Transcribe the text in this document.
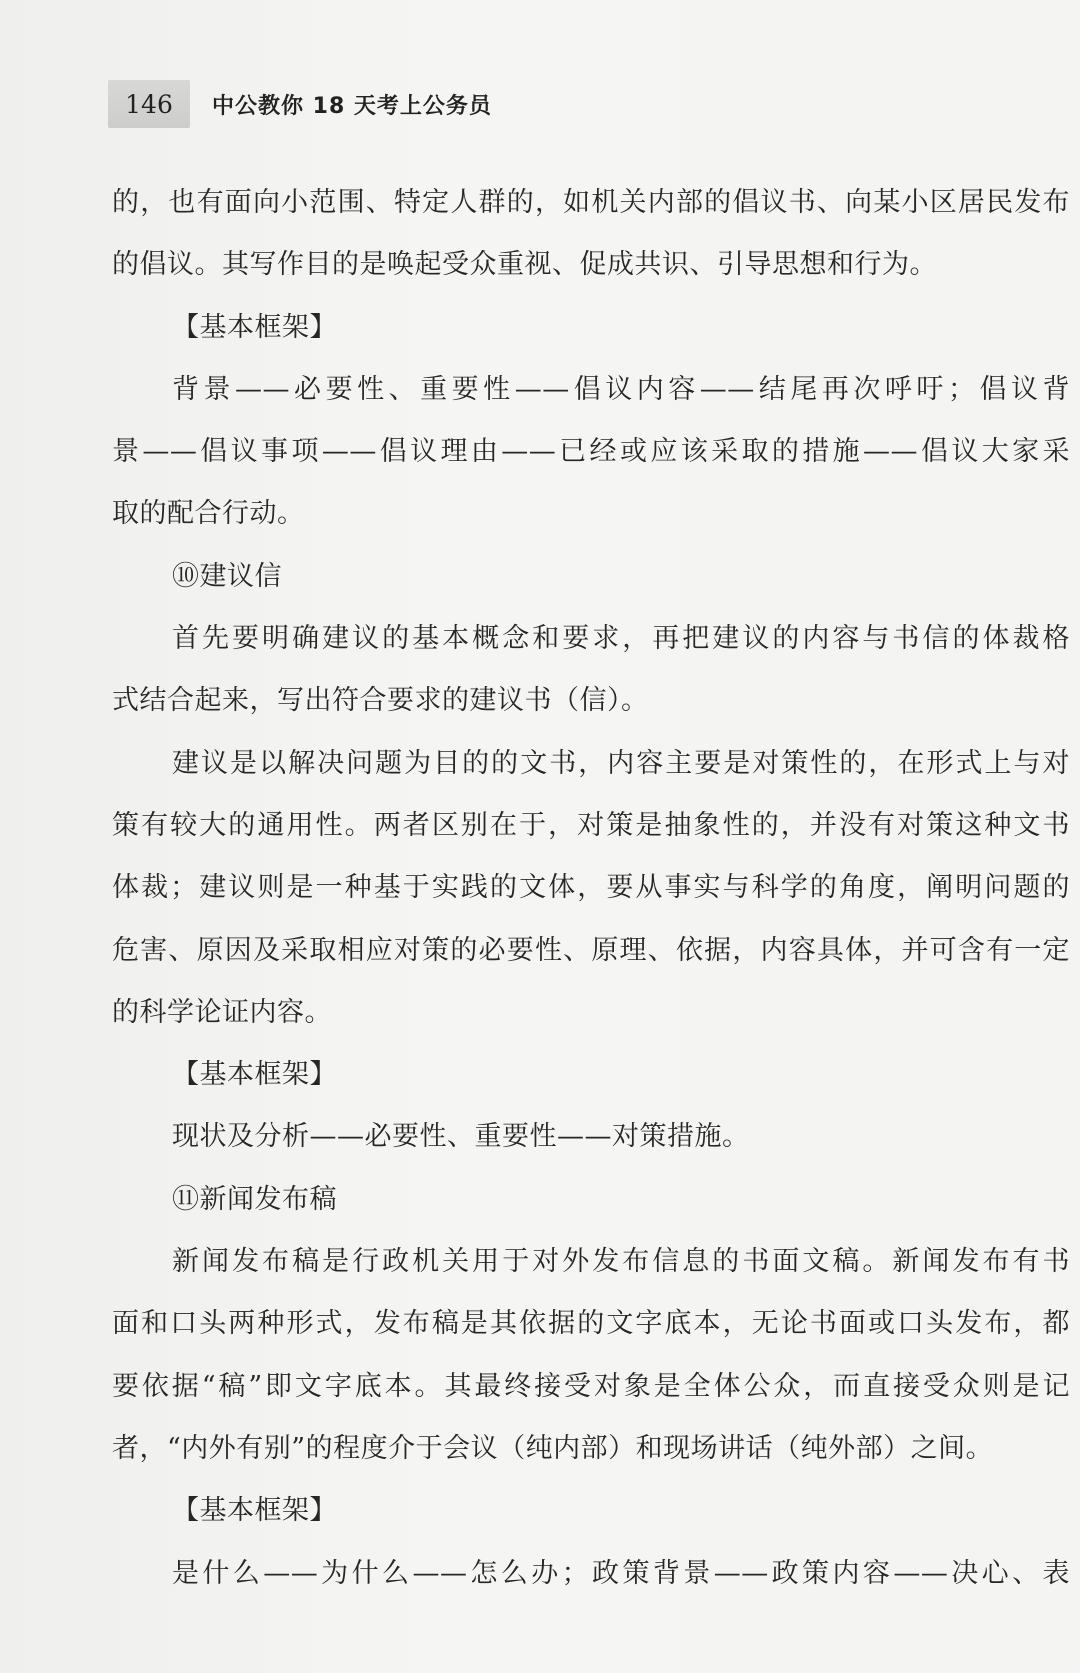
146	中公教你 18 天考上公务员
的，也有面向小范围、特定人群的，如机关内部的倡议书、向某小区居民发布
的倡议。其写作目的是唤起受众重视、促成共识、引导思想和行为。
【基本框架】
背景——必要性、重要性——倡议内容——结尾再次呼吁；倡议背
景——倡议事项——倡议理由——已经或应该采取的措施——倡议大家采
取的配合行动。
⑩建议信
首先要明确建议的基本概念和要求，再把建议的内容与书信的体裁格
式结合起来，写出符合要求的建议书（信）。
建议是以解决问题为目的的文书，内容主要是对策性的，在形式上与对
策有较大的通用性。两者区别在于，对策是抽象性的，并没有对策这种文书
体裁；建议则是一种基于实践的文体，要从事实与科学的角度，阐明问题的
危害、原因及采取相应对策的必要性、原理、依据，内容具体，并可含有一定
的科学论证内容。
【基本框架】
现状及分析——必要性、重要性——对策措施。
⑪新闻发布稿
新闻发布稿是行政机关用于对外发布信息的书面文稿。新闻发布有书
面和口头两种形式，发布稿是其依据的文字底本，无论书面或口头发布，都
要依据“稿”即文字底本。其最终接受对象是全体公众，而直接受众则是记
者，“内外有别”的程度介于会议（纯内部）和现场讲话（纯外部）之间。
【基本框架】
是什么——为什么——怎么办；政策背景——政策内容——决心、表
